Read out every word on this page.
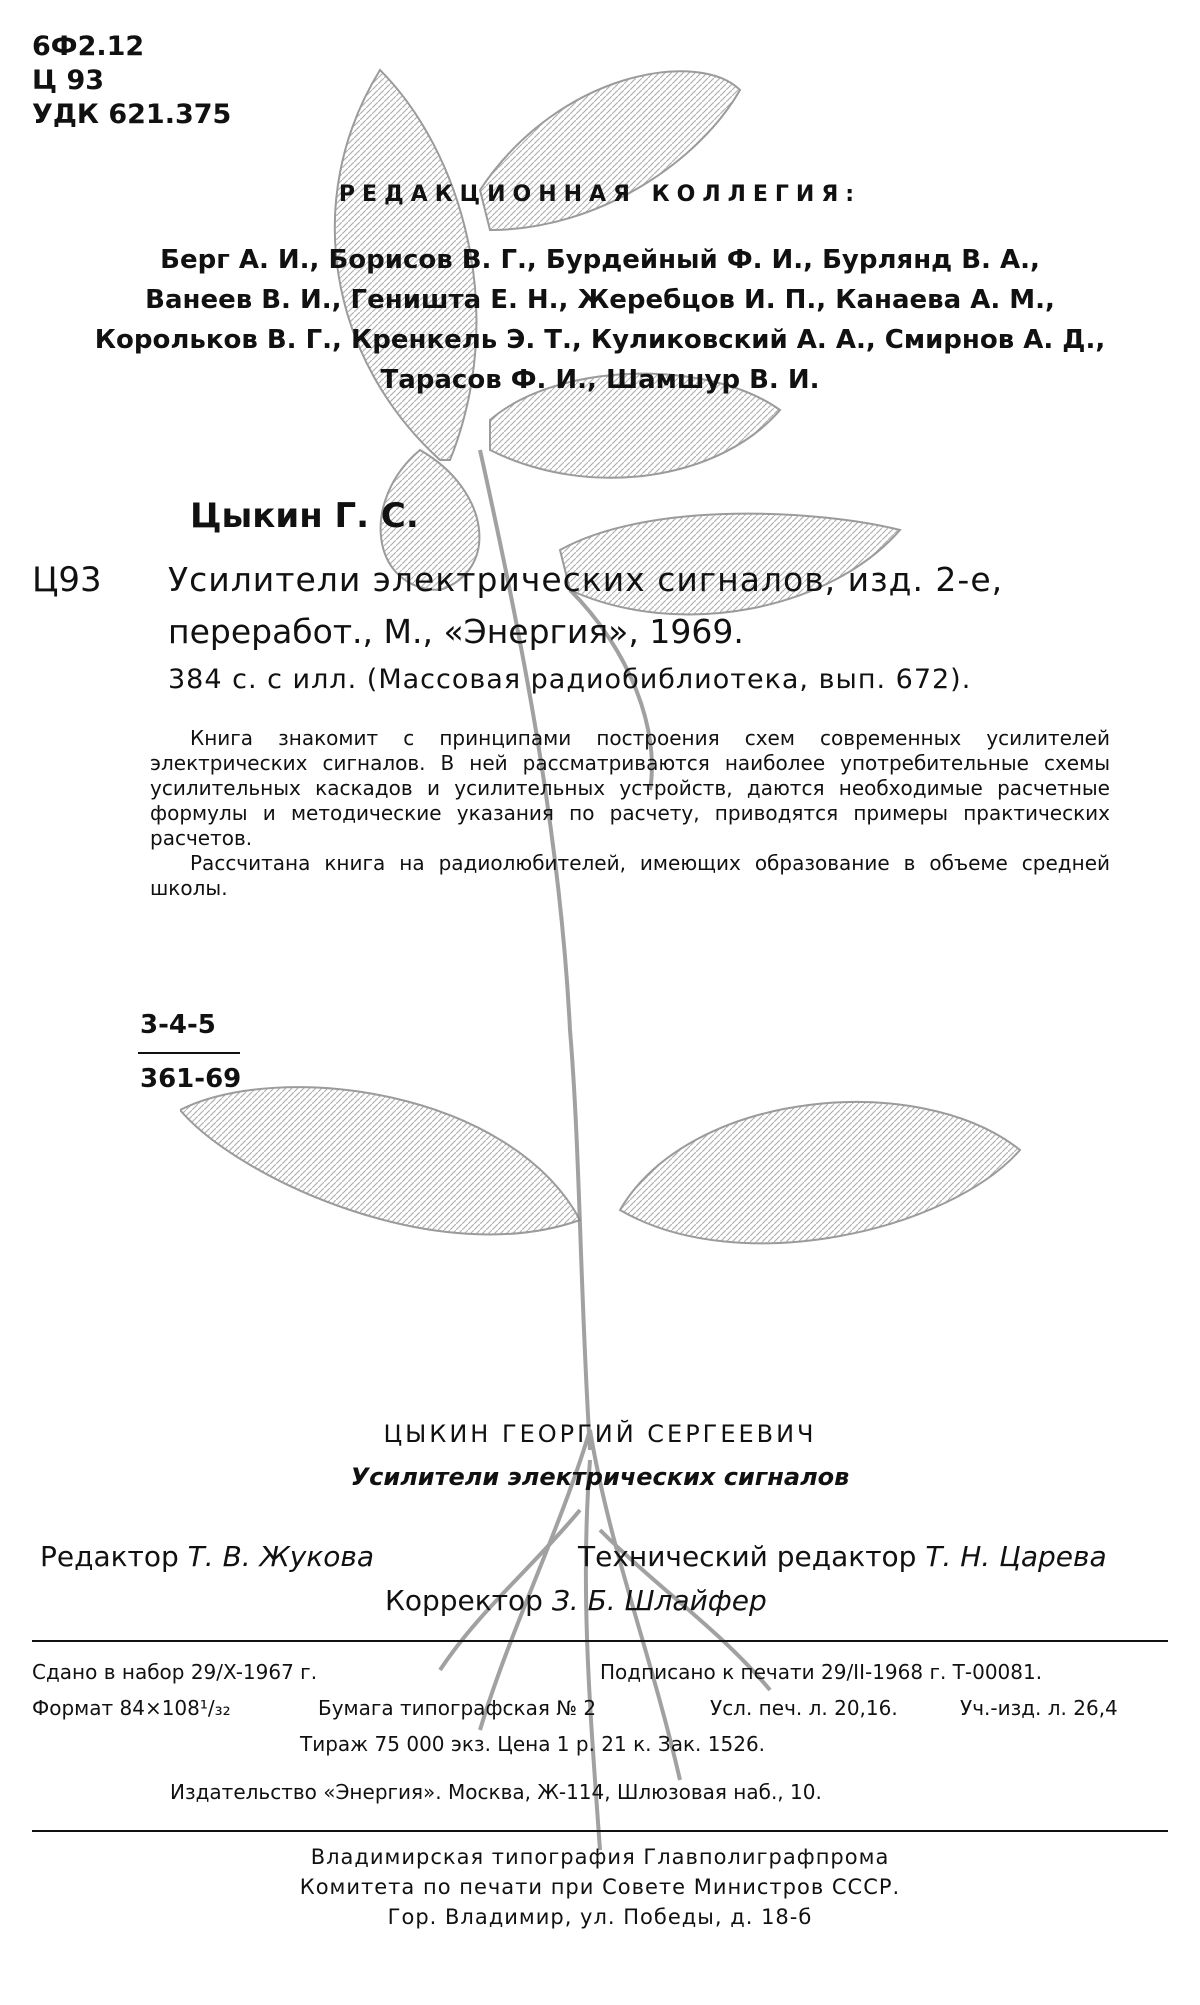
6Ф2.12
Ц 93
УДК 621.375
РЕДАКЦИОННАЯ КОЛЛЕГИЯ:
Берг А. И., Борисов В. Г., Бурдейный Ф. И., Бурлянд В. А.,
Ванеев В. И., Геништа Е. Н., Жеребцов И. П., Канаева А. М.,
Корольков В. Г., Кренкель Э. Т., Куликовский А. А., Смирнов А. Д.,
Тарасов Ф. И., Шамшур В. И.
Цыкин Г. С.
Ц93 Усилители электрических сигналов, изд. 2-е,
переработ., М., «Энергия», 1969.
384 с. с илл. (Массовая радиобиблиотека, вып. 672).

Книга знакомит с принципами построения схем современных усилителей электрических сигналов. В ней рассматриваются наиболее употребительные схемы усилительных каскадов и усилительных устройств, даются необходимые расчетные формулы и методические указания по расчету, приводятся примеры практических расчетов.

Рассчитана книга на радиолюбителей, имеющих образование в объеме средней школы.

3-4-5
361-69
ЦЫКИН ГЕОРГИЙ СЕРГЕЕВИЧ
Усилители электрических сигналов
Редактор Т. В. Жукова	Технический редактор Т. Н. Царева
Корректор З. Б. Шлайфер
Сдано в набор 29/X-1967 г.	Подписано к печати 29/II-1968 г. Т-00081.
Формат 84×108¹/₃₂	Бумага типографская № 2	Усл. печ. л. 20,16.	Уч.-изд. л. 26,4
Тираж 75 000 экз. Цена 1 р. 21 к. Зак. 1526.
Издательство «Энергия». Москва, Ж-114, Шлюзовая наб., 10.
Владимирская типография Главполиграфпрома
Комитета по печати при Совете Министров СССР.
Гор. Владимир, ул. Победы, д. 18-б
